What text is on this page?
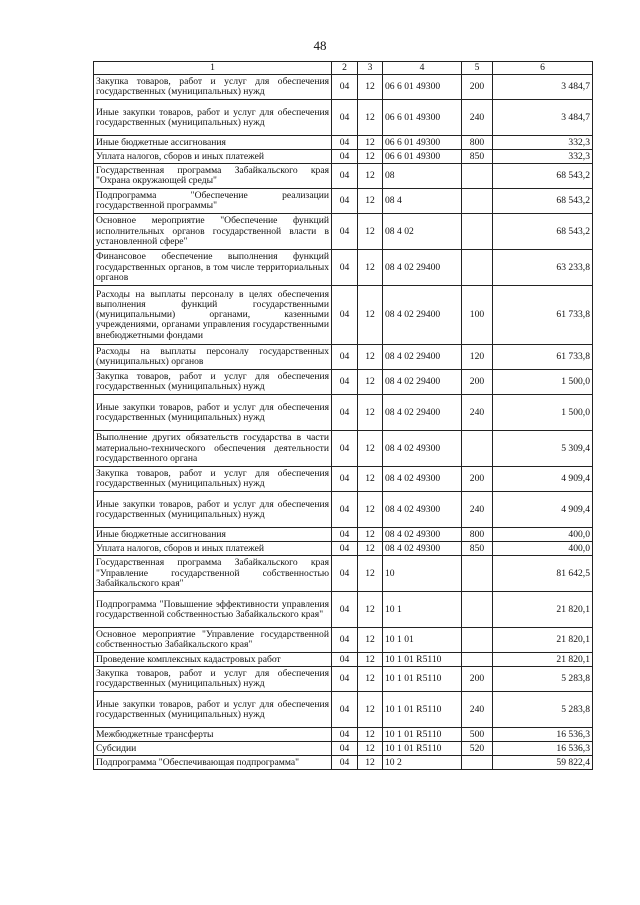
48
1	2	3	4	5	6
Закупка товаров, работ и услуг для обеспечения государственных (муниципальных) нужд	04	12	06 6 01 49300	200	3 484,7
Иные закупки товаров, работ и услуг для обеспечения государственных (муниципальных) нужд	04	12	06 6 01 49300	240	3 484,7
Иные бюджетные ассигнования	04	12	06 6 01 49300	800	332,3
Уплата налогов, сборов и иных платежей	04	12	06 6 01 49300	850	332,3
Государственная программа Забайкальского края "Охрана окружающей среды"	04	12	08		68 543,2
Подпрограмма "Обеспечение реализации государственной программы"	04	12	08 4		68 543,2
Основное мероприятие "Обеспечение функций исполнительных органов государственной власти в установленной сфере"	04	12	08 4 02		68 543,2
Финансовое обеспечение выполнения функций государственных органов, в том числе территориальных органов	04	12	08 4 02 29400		63 233,8
Расходы на выплаты персоналу в целях обеспечения выполнения функций государственными (муниципальными) органами, казенными учреждениями, органами управления государственными внебюджетными фондами	04	12	08 4 02 29400	100	61 733,8
Расходы на выплаты персоналу государственных (муниципальных) органов	04	12	08 4 02 29400	120	61 733,8
Закупка товаров, работ и услуг для обеспечения государственных (муниципальных) нужд	04	12	08 4 02 29400	200	1 500,0
Иные закупки товаров, работ и услуг для обеспечения государственных (муниципальных) нужд	04	12	08 4 02 29400	240	1 500,0
Выполнение других обязательств государства в части материально-технического обеспечения деятельности государственного органа	04	12	08 4 02 49300		5 309,4
Закупка товаров, работ и услуг для обеспечения государственных (муниципальных) нужд	04	12	08 4 02 49300	200	4 909,4
Иные закупки товаров, работ и услуг для обеспечения государственных (муниципальных) нужд	04	12	08 4 02 49300	240	4 909,4
Иные бюджетные ассигнования	04	12	08 4 02 49300	800	400,0
Уплата налогов, сборов и иных платежей	04	12	08 4 02 49300	850	400,0
Государственная программа Забайкальского края "Управление государственной собственностью Забайкальского края"	04	12	10		81 642,5
Подпрограмма "Повышение эффективности управления государственной собственностью Забайкальского края"	04	12	10 1		21 820,1
Основное мероприятие "Управление государственной собственностью Забайкальского края"	04	12	10 1 01		21 820,1
Проведение комплексных кадастровых работ	04	12	10 1 01 R5110		21 820,1
Закупка товаров, работ и услуг для обеспечения государственных (муниципальных) нужд	04	12	10 1 01 R5110	200	5 283,8
Иные закупки товаров, работ и услуг для обеспечения государственных (муниципальных) нужд	04	12	10 1 01 R5110	240	5 283,8
Межбюджетные трансферты	04	12	10 1 01 R5110	500	16 536,3
Субсидии	04	12	10 1 01 R5110	520	16 536,3
Подпрограмма "Обеспечивающая подпрограмма"	04	12	10 2		59 822,4
